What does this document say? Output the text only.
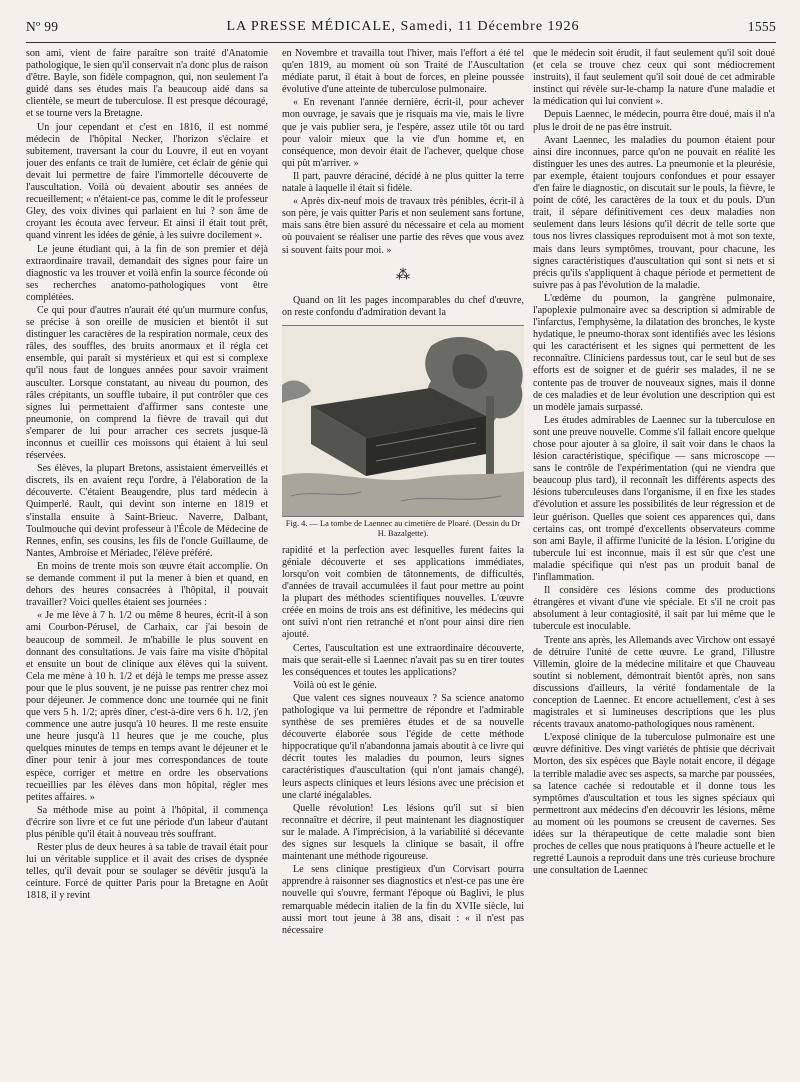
Nº 99	LA PRESSE MÉDICALE, Samedi, 11 Décembre 1926	1555

son ami, vient de faire paraître son traité d'Anatomie pathologique, le sien qu'il conservait n'a donc plus de raison d'être. Bayle, son fidèle compagnon, qui, non seulement l'a guidé dans ses études mais l'a beaucoup aidé dans sa clientèle, se meurt de tuberculose. Il est presque découragé, et se tourne vers la Bretagne.

Un jour cependant et c'est en 1816, il est nommé médecin de l'hôpital Necker, l'horizon s'éclaire et subitement, traversant la cour du Louvre, il eut en voyant jouer des enfants ce trait de lumière, cet éclair de génie qui devait lui permettre de faire l'immortelle découverte de l'auscultation. Voilà où devaient aboutir ses années de recueillement; « n'étaient-ce pas, comme le dit le professeur Gley, des voix divines qui parlaient en lui ? son âme de croyant les écouta avec ferveur. Et ainsi il était tout prêt, quand vinrent les idées de génie, à les suivre docilement ».

Le jeune étudiant qui, à la fin de son premier et déjà extraordinaire travail, demandait des signes pour faire un diagnostic va les trouver et voilà enfin la source féconde où ses recherches anatomo-pathologiques vont être complétées.

Ce qui pour d'autres n'aurait été qu'un murmure confus, se précise à son oreille de musicien et bientôt il sut distinguer les caractères de la respiration normale, ceux des râles, des souffles, des bruits anormaux et il régla cet ensemble, qui paraît si mystérieux et qui est si complexe qu'il nous faut de longues années pour savoir vraiment ausculter. Lorsque constatant, au niveau du poumon, des râles crépitants, un souffle tubaire, il put contrôler que ces signes lui permettaient d'affirmer sans conteste une pneumonie, on comprend la fièvre de travail qui dut s'emparer de lui pour arracher ces secrets jusque-là inconnus et cueillir ces moissons qui étaient à lui seul réservées.

Ses élèves, la plupart Bretons, assistaient émerveillés et discrets, ils en avaient reçu l'ordre, à l'élaboration de la découverte. C'étaient Beaugendre, plus tard médecin à Quimperlé. Rault, qui devint son interne en 1819 et s'installa ensuite à Saint-Brieuc. Naverre, Dalbant, Toulmouche qui devint professeur à l'École de Médecine de Rennes, enfin, ses cousins, les fils de l'oncle Guillaume, de Nantes, Ambroise et Mériadec, l'élève préféré.

En moins de trente mois son œuvre était accomplie. On se demande comment il put la mener à bien et quand, en dehors des heures consacrées à l'hôpital, il pouvait travailler? Voici quelles étaient ses journées :

« Je me lève à 7 h. 1/2 ou même 8 heures, écrit-il à son ami Courbon-Pérusel, de Carhaix, car j'ai besoin de beaucoup de sommeil. Je m'habille le plus souvent en donnant des consultations. Je vais faire ma visite d'hôpital et ensuite un bout de clinique aux élèves qui la suivent. Cela me mène à 10 h. 1/2 et déjà le temps me presse assez pour que le plus souvent, je ne puisse pas rentrer chez moi pour déjeuner. Je commence donc une tournée qui ne finit que vers 5 h. 1/2; après dîner, c'est-à-dire vers 6 h. 1/2, j'en commence une autre jusqu'à 10 heures. Il me reste ensuite une heure jusqu'à 11 heures que je me couche, plus quelques minutes de temps en temps avant le déjeuner et le dîner pour tenir à jour mes correspondances de toute espèce, corriger et mettre en ordre les observations recueillies par les élèves dans mon hôpital, régler mes petites affaires. »

Sa méthode mise au point à l'hôpital, il commença d'écrire son livre et ce fut une période d'un labeur d'autant plus pénible qu'il était à nouveau très souffrant.

Rester plus de deux heures à sa table de travail était pour lui un véritable supplice et il avait des crises de dyspnée telles, qu'il devait pour se soulager se dévêtir jusqu'à la ceinture. Forcé de quitter Paris pour la Bretagne en Août 1818, il y revint

en Novembre et travailla tout l'hiver, mais l'effort a été tel qu'en 1819, au moment où son Traité de l'Auscultation médiate parut, il était à bout de forces, en pleine poussée évolutive d'une atteinte de tuberculose pulmonaire.

« En revenant l'année dernière, écrit-il, pour achever mon ouvrage, je savais que je risquais ma vie, mais le livre que je vais publier sera, je l'espère, assez utile tôt ou tard pour valoir mieux que la vie d'un homme et, en conséquence, mon devoir était de l'achever, quelque chose qui pût m'arriver. »

Il part, pauvre déraciné, décidé à ne plus quitter la terre natale à laquelle il était si fidèle.

« Après dix-neuf mois de travaux très pénibles, écrit-il à son père, je vais quitter Paris et non seulement sans fortune, mais sans être bien assuré du nécessaire et cela au moment où pouvaient se réaliser une partie des rêves que vous avez si souvent faits pour moi. »

⁂

Quand on lit les pages incomparables du chef d'œuvre, on reste confondu d'admiration devant la

Fig. 4. — La tombe de Laennec au cimetière de Ploaré. (Dessin du Dr H. Bazalgette).

rapidité et la perfection avec lesquelles furent faites la géniale découverte et ses applications immédiates, lorsqu'on voit combien de tâtonnements, de difficultés, d'années de travail accumulées il faut pour mettre au point la plupart des méthodes scientifiques nouvelles. L'œuvre créée en moins de trois ans est définitive, les médecins qui ont suivi n'ont rien retranché et n'ont pour ainsi dire rien ajouté.

Certes, l'auscultation est une extraordinaire découverte, mais que serait-elle si Laennec n'avait pas su en tirer toutes les conséquences et toutes les applications?

Voilà où est le génie.

Que valent ces signes nouveaux ? Sa science anatomo pathologique va lui permettre de répondre et l'admirable synthèse de ses premières études et de sa nouvelle découverte élaborée sous l'égide de cette méthode hippocratique qu'il n'abandonna jamais aboutit à ce livre qui décrit toutes les maladies du poumon, leurs signes caractéristiques d'auscultation (qui n'ont jamais changé), leurs aspects cliniques et leurs lésions avec une précision et une clarté inégalables.

Quelle révolution! Les lésions qu'il sut si bien reconnaître et décrire, il peut maintenant les diagnostiquer sur le malade. A l'imprécision, à la variabilité si décevante des signes sur lesquels la clinique se basait, il offre maintenant une méthode rigoureuse.

Le sens clinique prestigieux d'un Corvisart pourra apprendre à raisonner ses diagnostics et n'est-ce pas une ère nouvelle qui s'ouvre, fermant l'époque où Baglivi, le plus remarquable médecin italien de la fin du XVIIe siècle, lui aussi mort tout jeune à 38 ans, disait : « il n'est pas nécessaire

que le médecin soit érudit, il faut seulement qu'il soit doué (et cela se trouve chez ceux qui sont médiocrement instruits), il faut seulement qu'il soit doué de cet admirable instinct qui révèle sur-le-champ la nature d'une maladie et la médication qui lui convient ».

Depuis Laennec, le médecin, pourra être doué, mais il n'a plus le droit de ne pas être instruit.

Avant Laennec, les maladies du poumon étaient pour ainsi dire inconnues, parce qu'on ne pouvait en réalité les distinguer les unes des autres. La pneumonie et la pleurésie, par exemple, étaient toujours confondues et pour essayer d'en faire le diagnostic, on discutait sur le pouls, la fièvre, le point de côté, les caractères de la toux et du pouls. D'un trait, il sépare définitivement ces deux maladies non seulement dans leurs lésions qu'il décrit de telle sorte que tous nos livres classiques reproduisent mot à mot son texte, mais dans leurs symptômes, trouvant, pour chacune, les signes caractéristiques d'auscultation qui sont si nets et si précis qu'ils s'appliquent à chaque période et permettent de suivre pas à pas l'évolution de la maladie.

L'œdème du poumon, la gangrène pulmonaire, l'apoplexie pulmonaire avec sa description si admirable de l'infarctus, l'emphysème, la dilatation des bronches, le kyste hydatique, le pneumo-thorax sont identifiés avec les lésions qui les caractérisent et les signes qui permettent de les reconnaître. Cliniciens pardessus tout, car le seul but de ses efforts est de soigner et de guérir ses malades, il ne se contente pas de trouver de nouveaux signes, mais il donne de ces maladies et de leur évolution une description qui est un modèle jamais surpassé.

Les études admirables de Laennec sur la tuberculose en sont une preuve nouvelle. Comme s'il fallait encore quelque chose pour ajouter à sa gloire, il sait voir dans le chaos la lésion caractéristique, spécifique — sans microscope — sans le contrôle de l'expérimentation (qui ne viendra que beaucoup plus tard), il reconnaît les différents aspects des lésions tuberculeuses dans l'organisme, il en fixe les stades d'évolution et assure les possibilités de leur régression et de leur guérison. Quelles que soient ces apparences qui, dans certains cas, ont trompé d'excellents observateurs comme son ami Bayle, il affirme l'unicité de la lésion. L'origine du tubercule lui est inconnue, mais il est sûr que c'est une maladie spécifique qui n'est pas un produit banal de l'inflammation.

Il considère ces lésions comme des productions étrangères et vivant d'une vie spéciale. Et s'il ne croit pas absolument à leur contagiosité, il sait par lui même que le tubercule est inoculable.

Trente ans après, les Allemands avec Virchow ont essayé de détruire l'unité de cette œuvre. Le grand, l'illustre Villemin, gloire de la médecine militaire et que Chauveau soutint si noblement, démontrait bientôt après, non sans discussions d'ailleurs, la vérité fondamentale de la conception de Laennec. Et encore actuellement, c'est à ses magistrales et si lumineuses descriptions que les plus récents travaux anatomo-pathologiques nous ramènent.

L'exposé clinique de la tuberculose pulmonaire est une œuvre définitive. Des vingt variétés de phtisie que décrivait Morton, des six espèces que Bayle notait encore, il dégage la terrible maladie avec ses aspects, sa marche par poussées, sa latence cachée si redoutable et il donne tous les symptômes d'auscultation et tous les signes spéciaux qui permettront aux médecins d'en découvrir les lésions, même au moment où les poumons se creusent de cavernes. Ses idées sur la thérapeutique de cette maladie sont bien proches de celles que nous pratiquons à l'heure actuelle et le regretté Launois a reproduit dans une très curieuse brochure une consultation de Laennec
